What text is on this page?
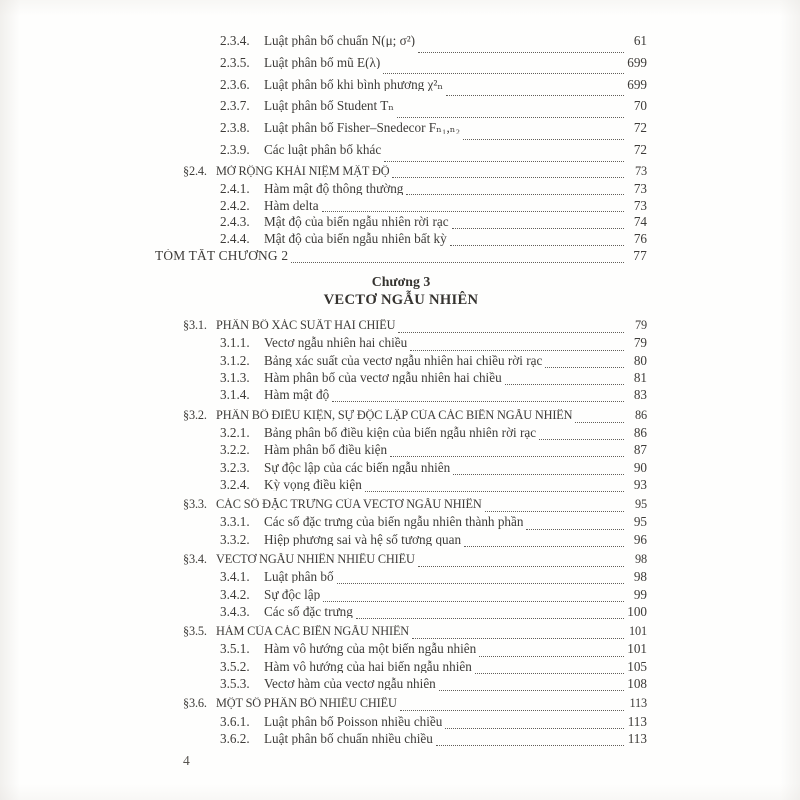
2.3.4.	Luật phân bố chuẩn N(μ; σ²)	61
2.3.5.	Luật phân bố mũ E(λ)	699
2.3.6.	Luật phân bố khi bình phương χ²ₙ	699
2.3.7.	Luật phân bố Student Tₙ	70
2.3.8.	Luật phân bố Fisher–Snedecor Fₙ₁,ₙ₂	72
2.3.9.	Các luật phân bố khác	72
§2.4. MỞ RỘNG KHÁI NIỆM MẬT ĐỘ	73
2.4.1.	Hàm mật độ thông thường	73
2.4.2.	Hàm delta	73
2.4.3.	Mật độ của biến ngẫu nhiên rời rạc	74
2.4.4.	Mật độ của biến ngẫu nhiên bất kỳ	76
TÓM TẮT CHƯƠNG 2	77
Chương 3
VECTƠ NGẪU NHIÊN
§3.1. PHÂN BỐ XÁC SUẤT HAI CHIỀU	79
3.1.1.	Vectơ ngẫu nhiên hai chiều	79
3.1.2.	Bảng xác suất của vectơ ngẫu nhiên hai chiều rời rạc	80
3.1.3.	Hàm phân bố của vectơ ngẫu nhiên hai chiều	81
3.1.4.	Hàm mật độ	83
§3.2. PHÂN BỐ ĐIỀU KIỆN, SỰ ĐỘC LẬP CỦA CÁC BIẾN NGẪU NHIÊN	86
3.2.1.	Bảng phân bố điều kiện của biến ngẫu nhiên rời rạc	86
3.2.2.	Hàm phân bố điều kiện	87
3.2.3.	Sự độc lập của các biến ngẫu nhiên	90
3.2.4.	Kỳ vọng điều kiện	93
§3.3. CÁC SỐ ĐẶC TRƯNG CỦA VECTƠ NGẪU NHIÊN	95
3.3.1.	Các số đặc trưng của biến ngẫu nhiên thành phần	95
3.3.2.	Hiệp phương sai và hệ số tương quan	96
§3.4. VECTƠ NGẪU NHIÊN NHIỀU CHIỀU	98
3.4.1.	Luật phân bố	98
3.4.2.	Sự độc lập	99
3.4.3.	Các số đặc trưng	100
§3.5. HÀM CỦA CÁC BIẾN NGẪU NHIÊN	101
3.5.1.	Hàm vô hướng của một biến ngẫu nhiên	101
3.5.2.	Hàm vô hướng của hai biến ngẫu nhiên	105
3.5.3.	Vectơ hàm của vectơ ngẫu nhiên	108
§3.6. MỘT SỐ PHÂN BỐ NHIỀU CHIỀU	113
3.6.1.	Luật phân bố Poisson nhiều chiều	113
3.6.2.	Luật phân bố chuẩn nhiều chiều	113
4
